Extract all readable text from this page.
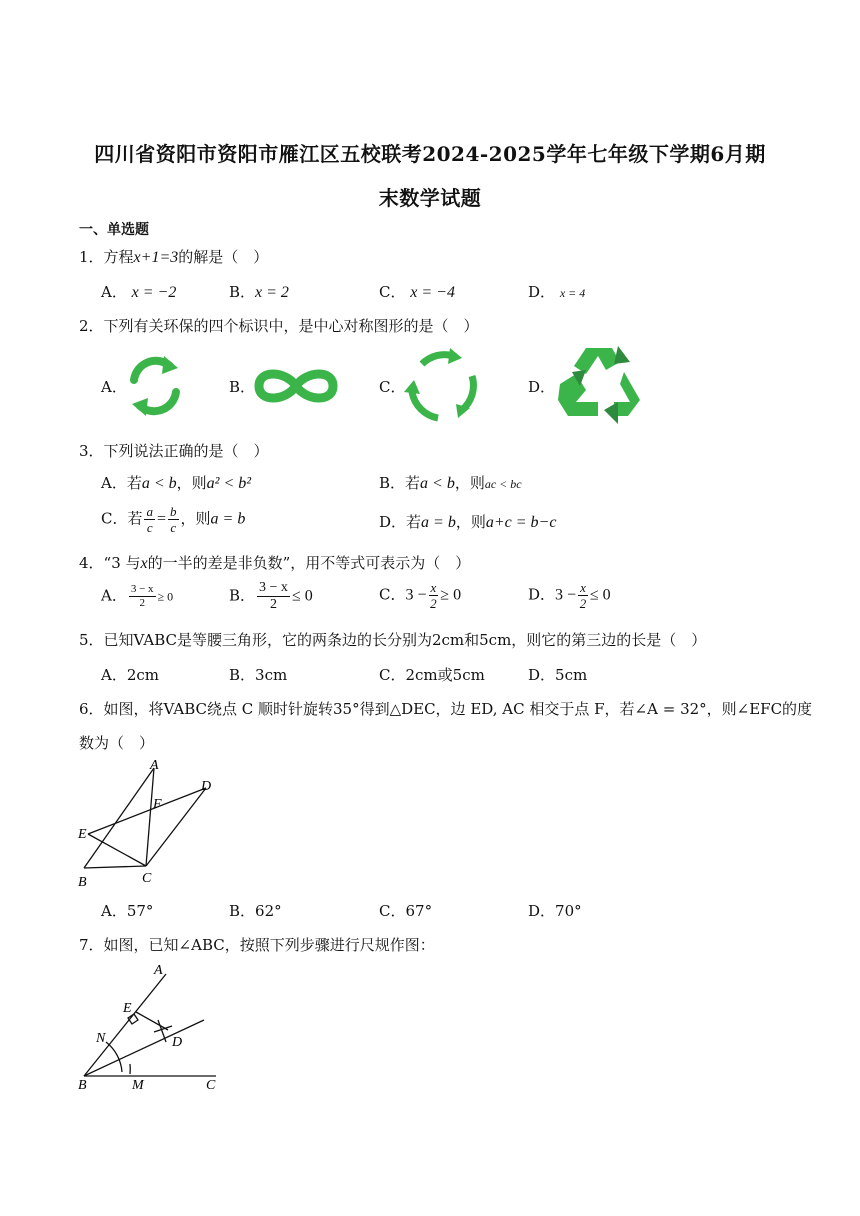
四川省资阳市资阳市雁江区五校联考2024-2025学年七年级下学期6月期
末数学试题
一、单选题
1．方程x+1=3的解是（　）
A． x = −2	B．x = 2	C． x = −4	D． x = 4
2．下列有关环保的四个标识中，是中心对称图形的是（　）
A．	B．	C．	D．
3．下列说法正确的是（　）
A．若a < b，则a² < b²	B．若a < b，则ac < bc
C．若 $\frac{a}{c} = \frac{b}{c}$ ，则a = b	D．若a = b，则a+c = b−c
4．“3 与x的一半的差是非负数”，用不等式可表示为（　）
A． $\frac{3 - x}{2} \ge 0$	B． $\frac{3 - x}{2} \le 0$	C．$3 - \frac{x}{2} \ge 0$	D．$3 - \frac{x}{2} \le 0$
5．已知VABC是等腰三角形，它的两条边的长分别为2cm和5cm，则它的第三边的长是（　）
A．2cm	B．3cm	C．2cm或5cm	D．5cm
6．如图，将VABC绕点 C 顺时针旋转35°得到△DEC，边 ED, AC 相交于点 F，若∠A = 32°，则∠EFC的度
数为（　）
A
D
F
E
B	C
A．57°	B．62°	C．67°	D．70°
7．如图，已知∠ABC，按照下列步骤进行尺规作图：
A
E
N	D
B	M	C
